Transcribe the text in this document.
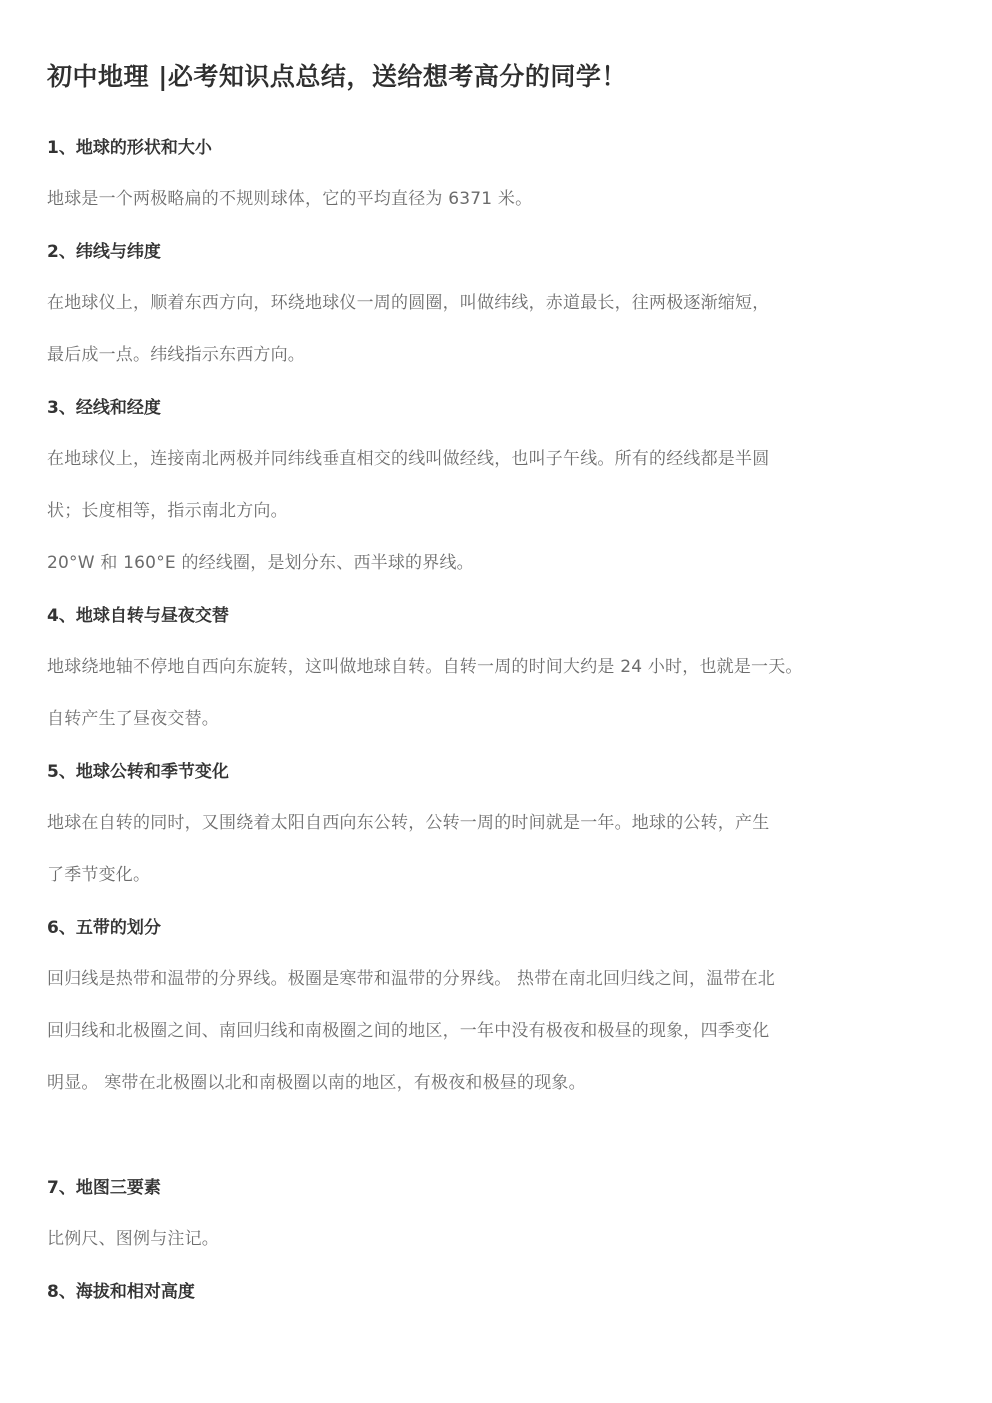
初中地理 |必考知识点总结，送给想考高分的同学！
1、地球的形状和大小
地球是一个两极略扁的不规则球体，它的平均直径为 6371 米。
2、纬线与纬度
在地球仪上，顺着东西方向，环绕地球仪一周的圆圈，叫做纬线，赤道最长，往两极逐渐缩短，
最后成一点。纬线指示东西方向。
3、经线和经度
在地球仪上，连接南北两极并同纬线垂直相交的线叫做经线，也叫子午线。所有的经线都是半圆
状；长度相等，指示南北方向。
20°W 和 160°E 的经线圈，是划分东、西半球的界线。
4、地球自转与昼夜交替
地球绕地轴不停地自西向东旋转，这叫做地球自转。自转一周的时间大约是 24 小时，也就是一天。
自转产生了昼夜交替。
5、地球公转和季节变化
地球在自转的同时，又围绕着太阳自西向东公转，公转一周的时间就是一年。地球的公转，产生
了季节变化。
6、五带的划分
回归线是热带和温带的分界线。极圈是寒带和温带的分界线。 热带在南北回归线之间，温带在北
回归线和北极圈之间、南回归线和南极圈之间的地区，一年中没有极夜和极昼的现象，四季变化
明显。 寒带在北极圈以北和南极圈以南的地区，有极夜和极昼的现象。
7、地图三要素
比例尺、图例与注记。
8、海拔和相对高度
